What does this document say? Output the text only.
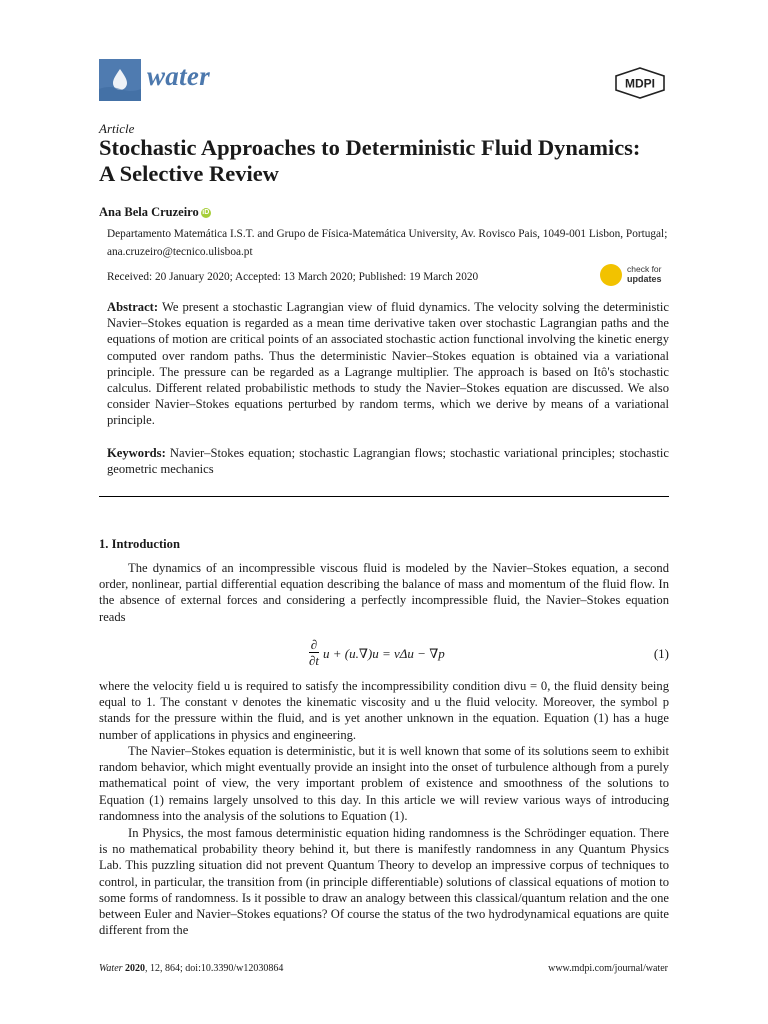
water	MDPI
Article
Stochastic Approaches to Deterministic Fluid Dynamics: A Selective Review
Ana Bela Cruzeiro iD
Departamento Matemática I.S.T. and Grupo de Física-Matemática University, Av. Rovisco Pais, 1049-001 Lisbon, Portugal; ana.cruzeiro@tecnico.ulisboa.pt
Received: 20 January 2020; Accepted: 13 March 2020; Published: 19 March 2020
check for
updates
Abstract: We present a stochastic Lagrangian view of fluid dynamics. The velocity solving the deterministic Navier–Stokes equation is regarded as a mean time derivative taken over stochastic Lagrangian paths and the equations of motion are critical points of an associated stochastic action functional involving the kinetic energy computed over random paths. Thus the deterministic Navier–Stokes equation is obtained via a variational principle. The pressure can be regarded as a Lagrange multiplier. The approach is based on Itô's stochastic calculus. Different related probabilistic methods to study the Navier–Stokes equation are discussed. We also consider Navier–Stokes equations perturbed by random terms, which we derive by means of a variational principle.
Keywords: Navier–Stokes equation; stochastic Lagrangian flows; stochastic variational principles; stochastic geometric mechanics
1. Introduction
The dynamics of an incompressible viscous fluid is modeled by the Navier–Stokes equation, a second order, nonlinear, partial differential equation describing the balance of mass and momentum of the fluid flow. In the absence of external forces and considering a perfectly incompressible fluid, the Navier–Stokes equation reads
∂
∂t u + (u.∇)u = νΔu − ∇p	(1)
where the velocity field u is required to satisfy the incompressibility condition divu = 0, the fluid density being equal to 1. The constant ν denotes the kinematic viscosity and u the fluid velocity. Moreover, the symbol p stands for the pressure within the fluid, and is yet another unknown in the equation. Equation (1) has a huge number of applications in physics and engineering.
The Navier–Stokes equation is deterministic, but it is well known that some of its solutions seem to exhibit random behavior, which might eventually provide an insight into the onset of turbulence although from a purely mathematical point of view, the very important problem of existence and smoothness of the solutions to Equation (1) remains largely unsolved to this day. In this article we will review various ways of introducing randomness into the analysis of the solutions to Equation (1).
In Physics, the most famous deterministic equation hiding randomness is the Schrödinger equation. There is no mathematical probability theory behind it, but there is manifestly randomness in any Quantum Physics Lab. This puzzling situation did not prevent Quantum Theory to develop an impressive corpus of techniques to control, in particular, the transition from (in principle differentiable) solutions of classical equations of motion to some forms of randomness. Is it possible to draw an analogy between this classical/quantum relation and the one between Euler and Navier–Stokes equations? Of course the status of the two hydrodynamical equations are quite different from the
Water 2020, 12, 864; doi:10.3390/w12030864	www.mdpi.com/journal/water
